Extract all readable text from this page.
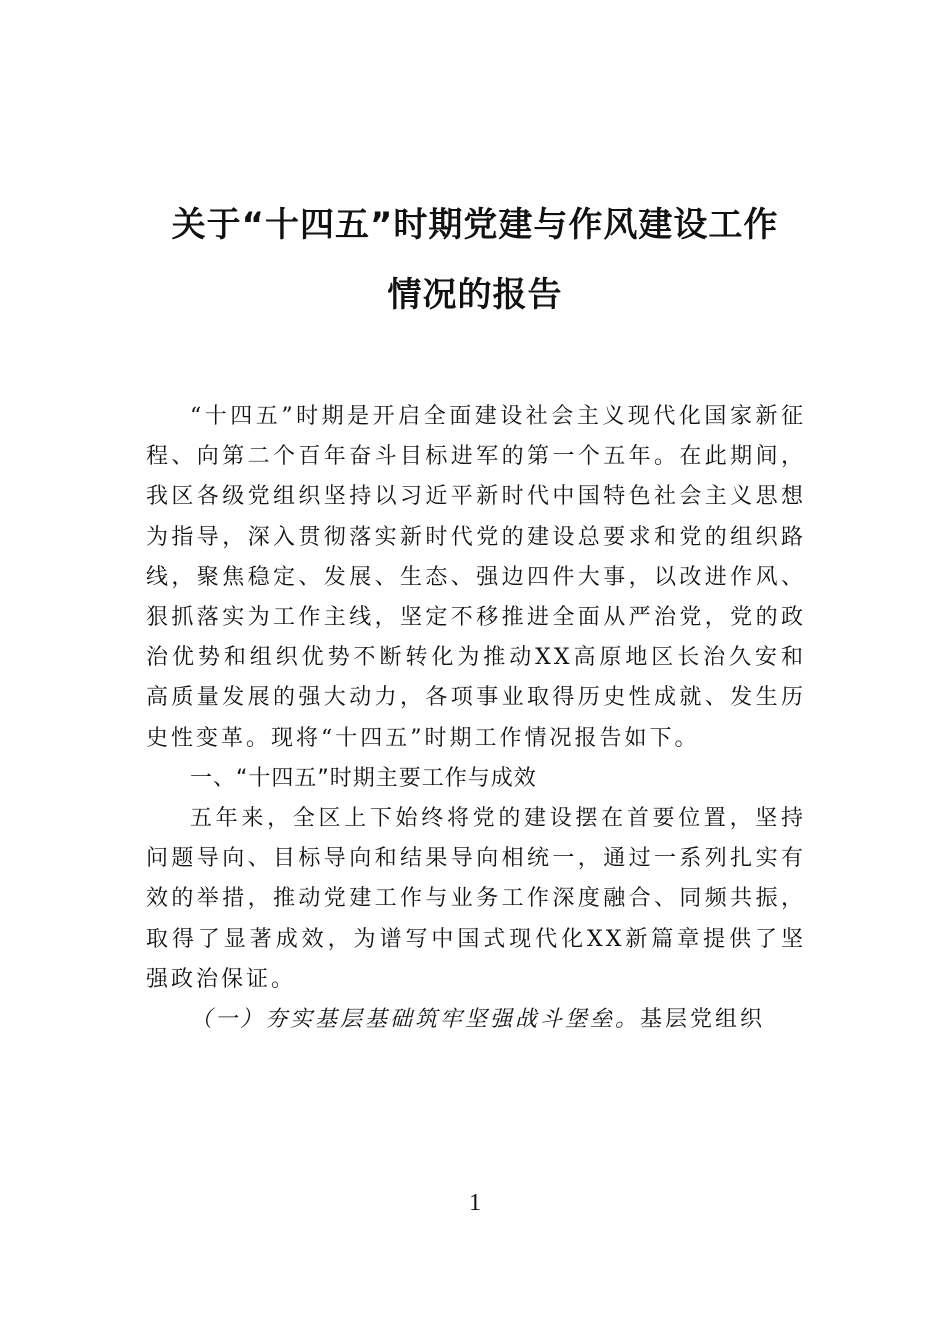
关于“十四五”时期党建与作风建设工作
情况的报告

“十四五”时期是开启全面建设社会主义现代化国家新征程、向第二个百年奋斗目标进军的第一个五年。在此期间，我区各级党组织坚持以习近平新时代中国特色社会主义思想为指导，深入贯彻落实新时代党的建设总要求和党的组织路线，聚焦稳定、发展、生态、强边四件大事，以改进作风、狠抓落实为工作主线，坚定不移推进全面从严治党，党的政治优势和组织优势不断转化为推动XX高原地区长治久安和高质量发展的强大动力，各项事业取得历史性成就、发生历史性变革。现将“十四五”时期工作情况报告如下。

一、“十四五”时期主要工作与成效

五年来，全区上下始终将党的建设摆在首要位置，坚持问题导向、目标导向和结果导向相统一，通过一系列扎实有效的举措，推动党建工作与业务工作深度融合、同频共振，取得了显著成效，为谱写中国式现代化XX新篇章提供了坚强政治保证。

（一）夯实基层基础筑牢坚强战斗堡垒。基层党组织

1
